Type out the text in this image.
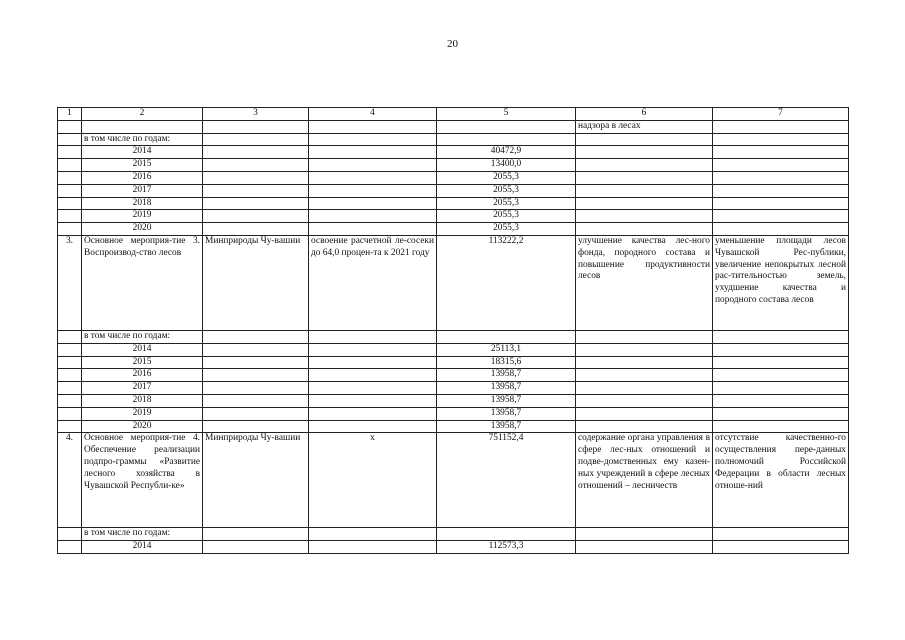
20
1	2	3	4	5	6	7
					надзора в лесах	
	в том числе по годам:					
	2014			40472,9		
	2015			13400,0		
	2016			2055,3		
	2017			2055,3		
	2018			2055,3		
	2019			2055,3		
	2020			2055,3		
3.	Основное мероприя-тие 3. Воспроизвод-ство лесов	Минприроды Чу-вашии	освоение расчетной ле-сосеки до 64,0 процен-та к 2021 году	113222,2	улучшение качества лес-ного фонда, породного состава и повышение продуктивности лесов	уменьшение площади лесов Чувашской Рес-публики, увеличение непокрытых лесной рас-тительностью земель, ухудшение качества и породного состава лесов
	в том числе по годам:					
	2014			25113,1		
	2015			18315,6		
	2016			13958,7		
	2017			13958,7		
	2018			13958,7		
	2019			13958,7		
	2020			13958,7		
4.	Основное мероприя-тие 4. Обеспечение реализации подпро-граммы «Развитие лесного хозяйства в Чувашской Республи-ке»	Минприроды Чу-вашии	х	751152,4	содержание органа управления в сфере лес-ных отношений и подве-домственных ему казен-ных учреждений в сфере лесных отношений – лесничеств	отсутствие качественно-го осуществления пере-данных полномочий Российской Федерации в области лесных отноше-ний
	в том числе по годам:					
	2014			112573,3		
